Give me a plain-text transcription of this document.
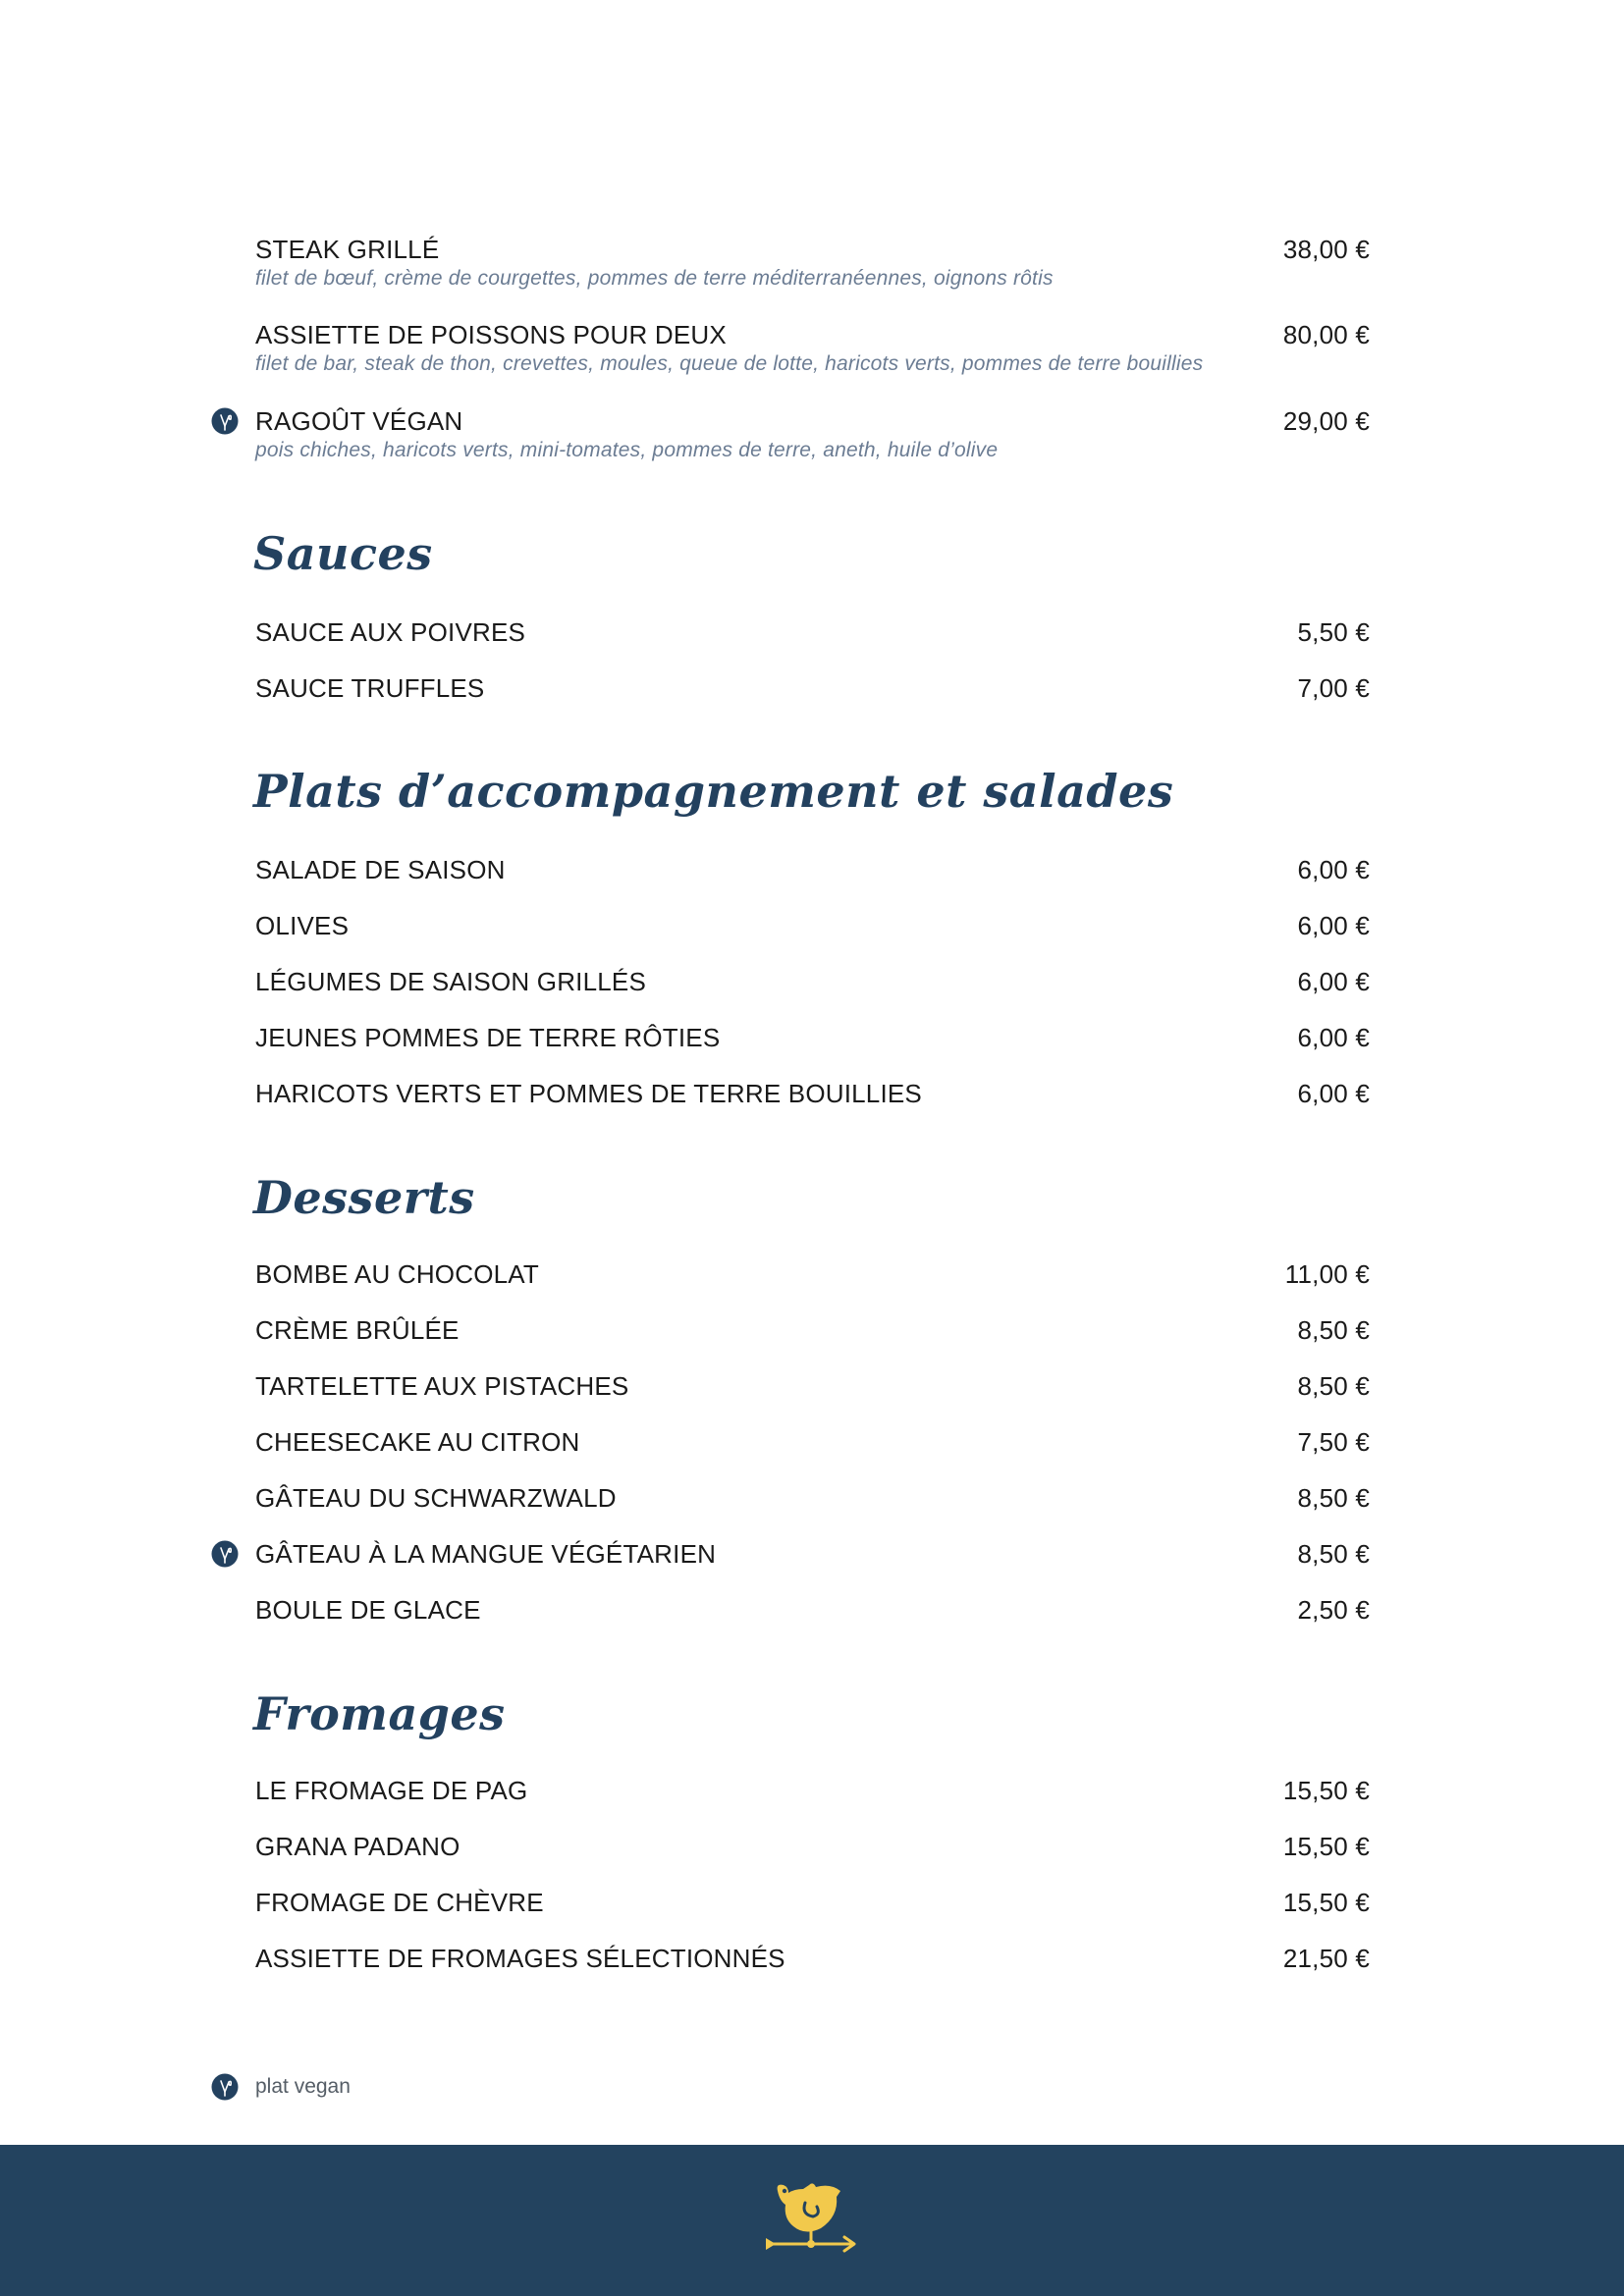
STEAK GRILLÉ	38,00 €
filet de bœuf, crème de courgettes, pommes de terre méditerranéennes, oignons rôtis
ASSIETTE DE POISSONS POUR DEUX	80,00 €
filet de bar, steak de thon, crevettes, moules, queue de lotte, haricots verts, pommes de terre bouillies
RAGOÛT VÉGAN	29,00 €
pois chiches, haricots verts, mini-tomates, pommes de terre, aneth, huile d’olive
Sauces
SAUCE AUX POIVRES	5,50 €
SAUCE TRUFFLES	7,00 €
Plats d’accompagnement et salades
SALADE DE SAISON	6,00 €
OLIVES	6,00 €
LÉGUMES DE SAISON GRILLÉS	6,00 €
JEUNES POMMES DE TERRE RÔTIES	6,00 €
HARICOTS VERTS ET POMMES DE TERRE BOUILLIES	6,00 €
Desserts
BOMBE AU CHOCOLAT	11,00 €
CRÈME BRÛLÉE	8,50 €
TARTELETTE AUX PISTACHES	8,50 €
CHEESECAKE AU CITRON	7,50 €
GÂTEAU DU SCHWARZWALD	8,50 €
GÂTEAU À LA MANGUE VÉGÉTARIEN	8,50 €
BOULE DE GLACE	2,50 €
Fromages
LE FROMAGE DE PAG	15,50 €
GRANA PADANO	15,50 €
FROMAGE DE CHÈVRE	15,50 €
ASSIETTE DE FROMAGES SÉLECTIONNÉS	21,50 €
plat vegan
